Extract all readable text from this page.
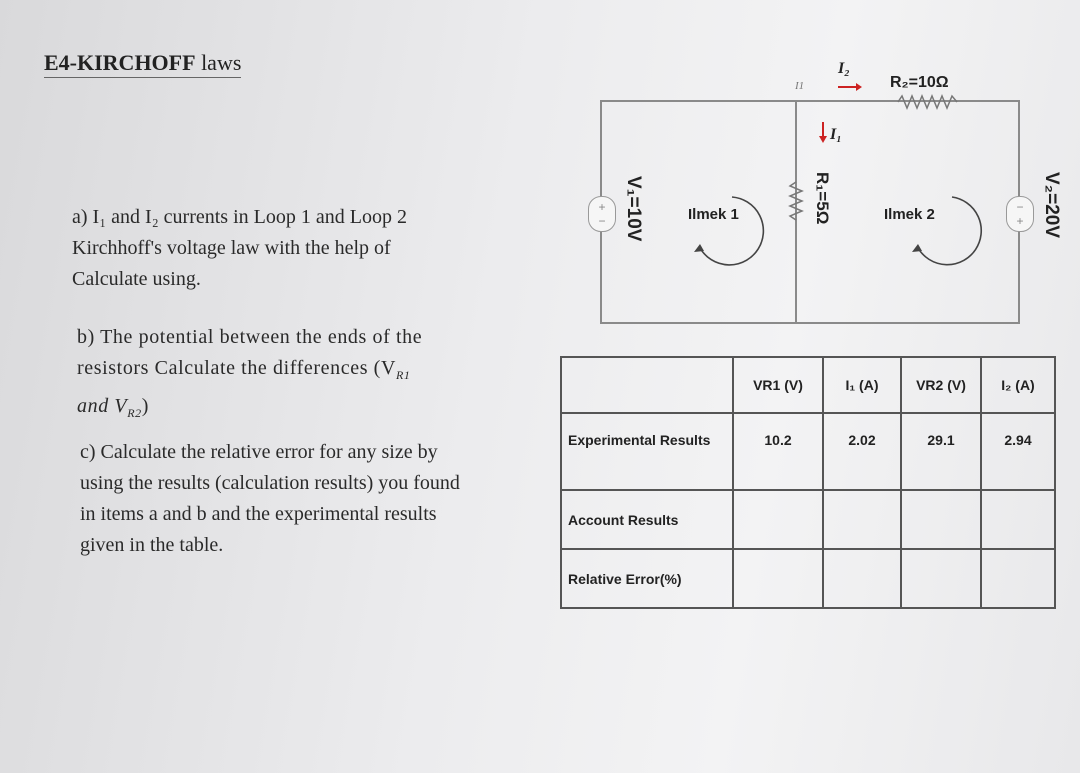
E4-KIRCHOFF laws
a) I₁ and I₂ currents in Loop 1 and Loop 2
Kirchhoff's voltage law with the help of
Calculate using.
b) The potential between the ends of the
resistors Calculate the differences ($V_{R1}$
and $V_{R2}$)
c) Calculate the relative error for any size by
using the results (calculation results) you found
in items a and b and the experimental results
given in the table.
+
−
−
+
V₁=10V	V₂=20V
R₁=5Ω
R₂=10Ω
Ilmek 1	Ilmek 2
I₂
I₁
I1
	VR1 (V)	I₁ (A)	VR2 (V)	I₂ (A)
Experimental Results	10.2	2.02	29.1	2.94
Account Results				
Relative Error(%)				
